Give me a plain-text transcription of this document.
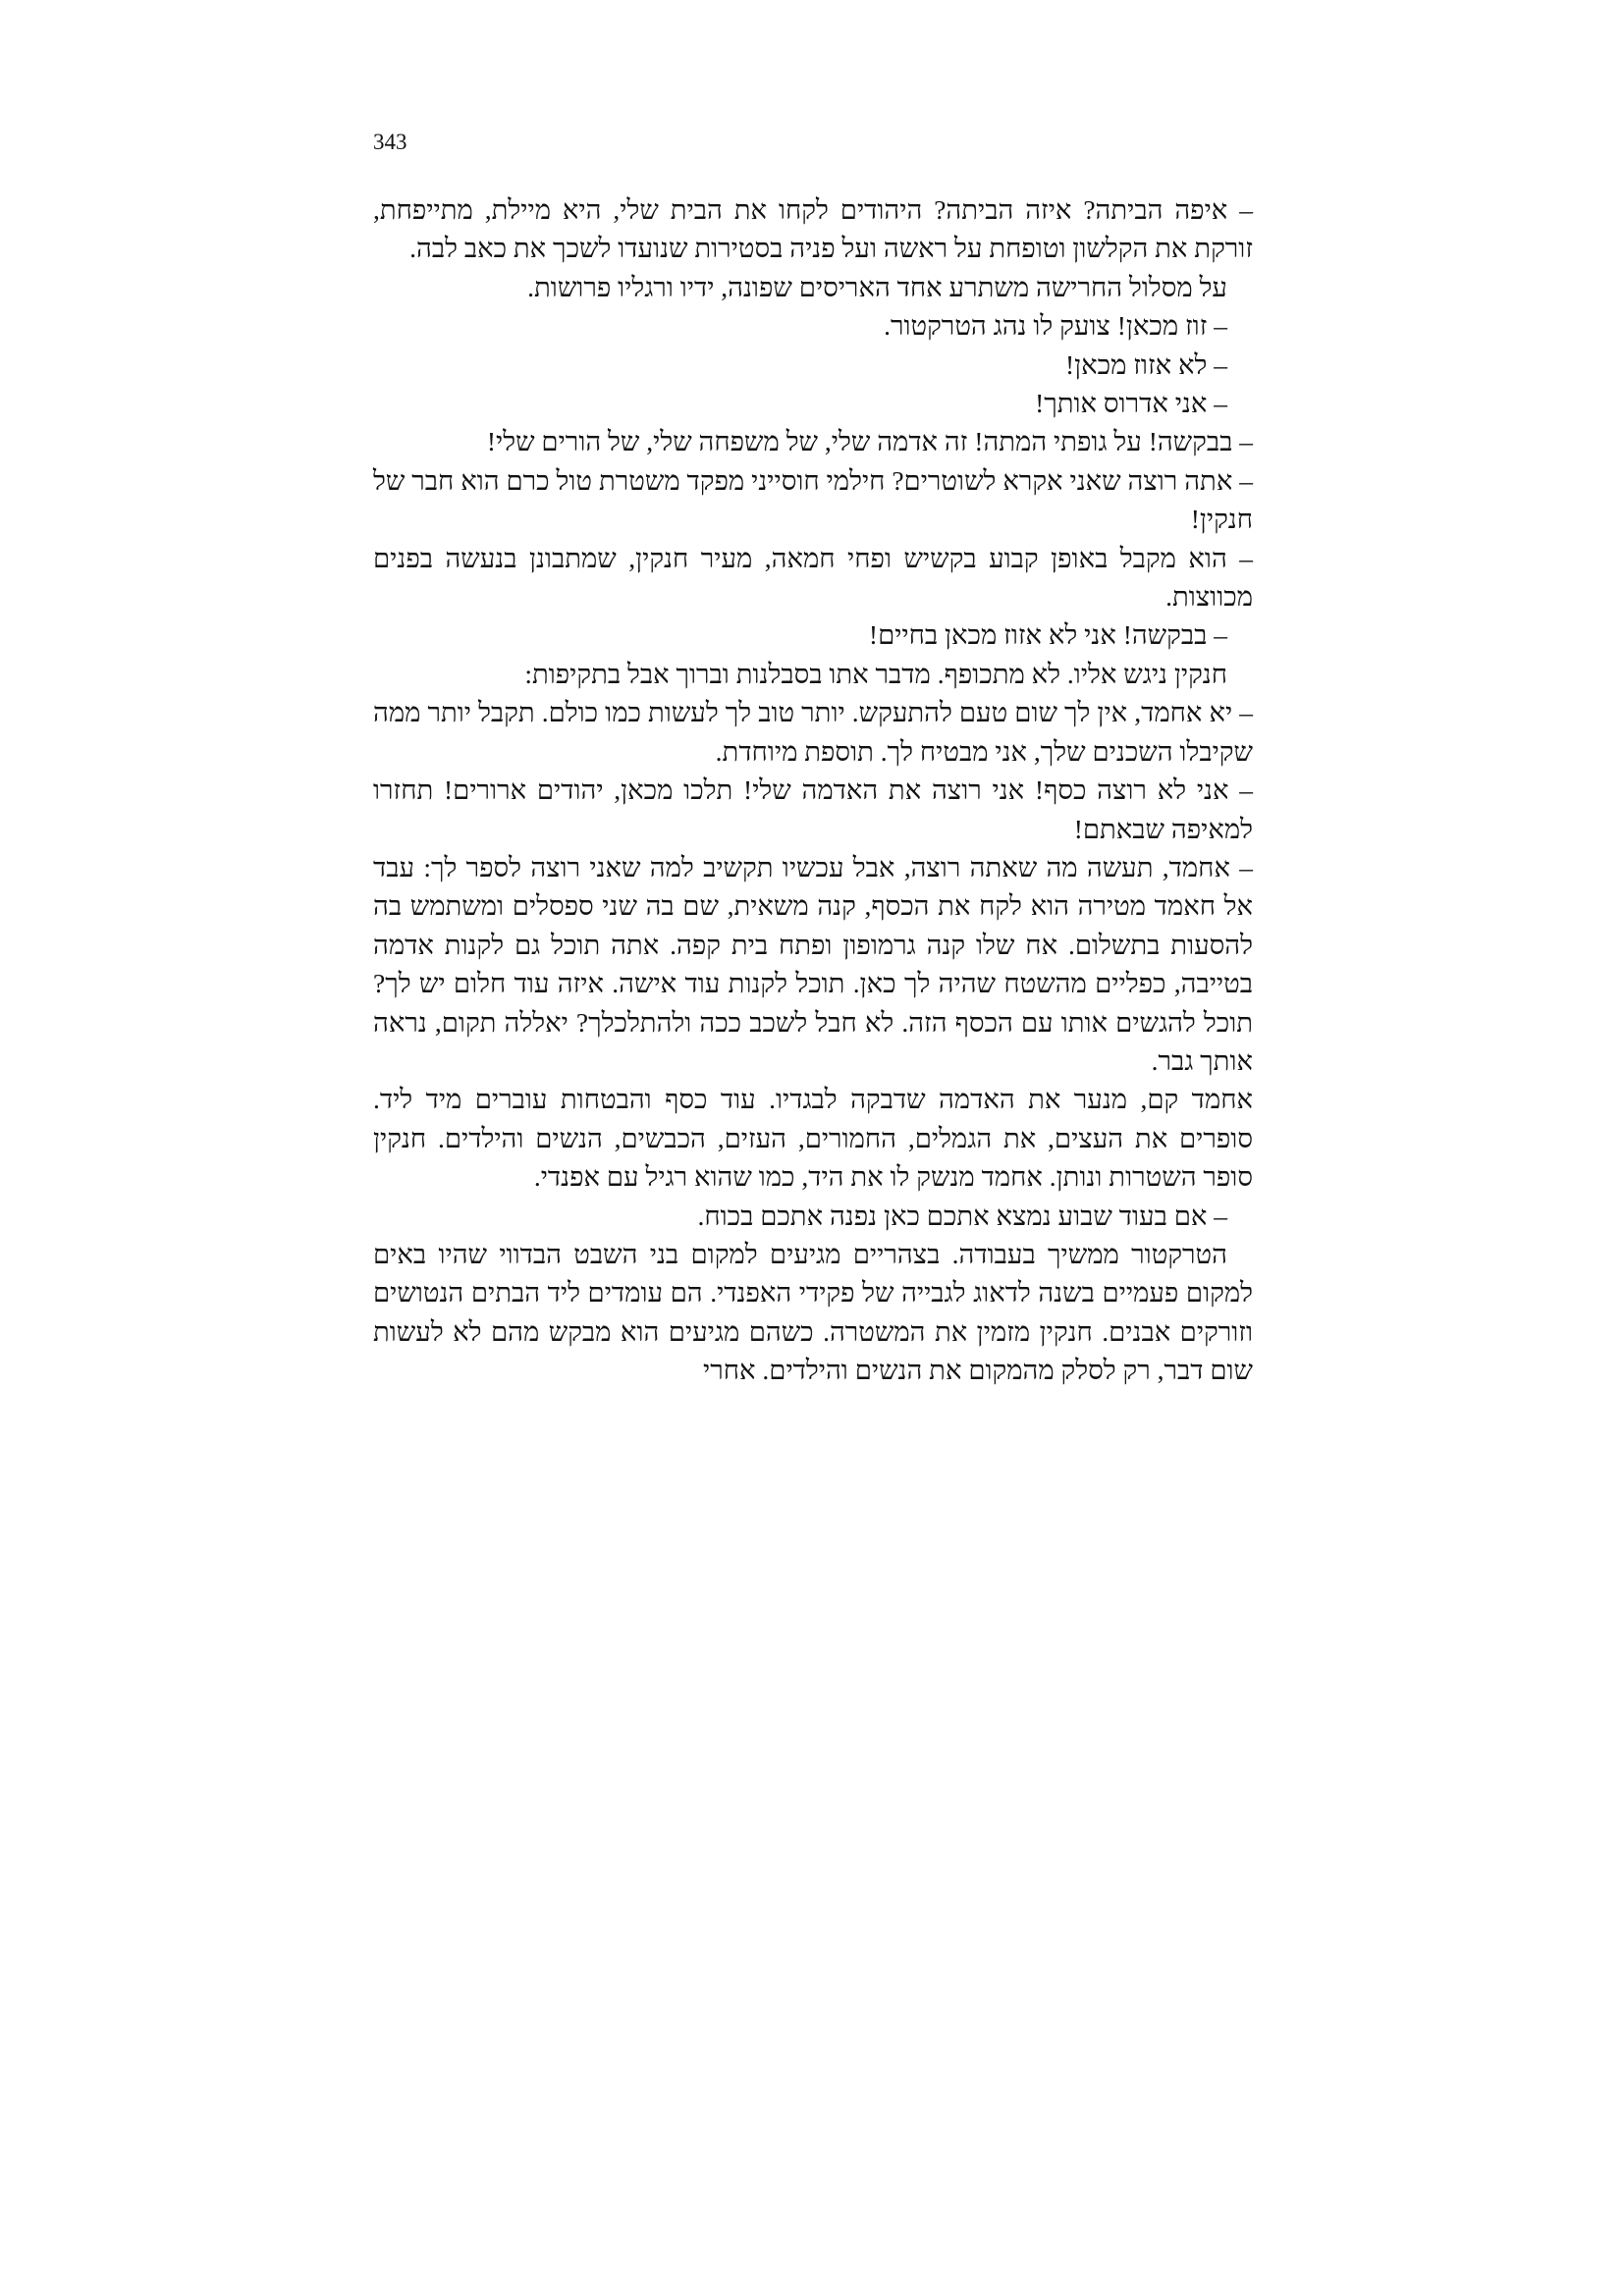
343

– איפה הביתה? איזה הביתה? היהודים לקחו את הבית שלי, היא מיילת, מתייפחת, זורקת את הקלשון וטופחת על ראשה ועל פניה בסטירות שנועדו לשכך את כאב לבה.

על מסלול החרישה משתרע אחד האריסים שפונה, ידיו ורגליו פרושות.

– זוז מכאן! צועק לו נהג הטרקטור.

– לא אזוז מכאן!

– אני אדרוס אותך!

– בבקשה! על גופתי המתה! זה אדמה שלי, של משפחה שלי, של הורים שלי!

– אתה רוצה שאני אקרא לשוטרים? חילמי חוסייני מפקד משטרת טול כרם הוא חבר של חנקין!

– הוא מקבל באופן קבוע בקשיש ופחי חמאה, מעיר חנקין, שמתבונן בנעשה בפנים מכווצות.

– בבקשה! אני לא אזוז מכאן בחיים!

חנקין ניגש אליו. לא מתכופף. מדבר אתו בסבלנות וברוך אבל בתקיפות:

– יא אחמד, אין לך שום טעם להתעקש. יותר טוב לך לעשות כמו כולם. תקבל יותר ממה שקיבלו השכנים שלך, אני מבטיח לך. תוספת מיוחדת.

– אני לא רוצה כסף! אני רוצה את האדמה שלי! תלכו מכאן, יהודים ארורים! תחזרו למאיפה שבאתם!

– אחמד, תעשה מה שאתה רוצה, אבל עכשיו תקשיב למה שאני רוצה לספר לך: עבד אל חאמד מטירה הוא לקח את הכסף, קנה משאית, שם בה שני ספסלים ומשתמש בה להסעות בתשלום. אח שלו קנה גרמופון ופתח בית קפה. אתה תוכל גם לקנות אדמה בטייבה, כפליים מהשטח שהיה לך כאן. תוכל לקנות עוד אישה. איזה עוד חלום יש לך? תוכל להגשים אותו עם הכסף הזה. לא חבל לשכב ככה ולהתלכלך? יאללה תקום, נראה אותך גבר.

אחמד קם, מנער את האדמה שדבקה לבגדיו. עוד כסף והבטחות עוברים מיד ליד. סופרים את העצים, את הגמלים, החמורים, העזים, הכבשים, הנשים והילדים. חנקין סופר השטרות ונותן. אחמד מנשק לו את היד, כמו שהוא רגיל עם אפנדי.

– אם בעוד שבוע נמצא אתכם כאן נפנה אתכם בכוח.

הטרקטור ממשיך בעבודה. בצהריים מגיעים למקום בני השבט הבדווי שהיו באים למקום פעמיים בשנה לדאוג לגבייה של פקידי האפנדי. הם עומדים ליד הבתים הנטושים וזורקים אבנים. חנקין מזמין את המשטרה. כשהם מגיעים הוא מבקש מהם לא לעשות שום דבר, רק לסלק מהמקום את הנשים והילדים. אחרי
